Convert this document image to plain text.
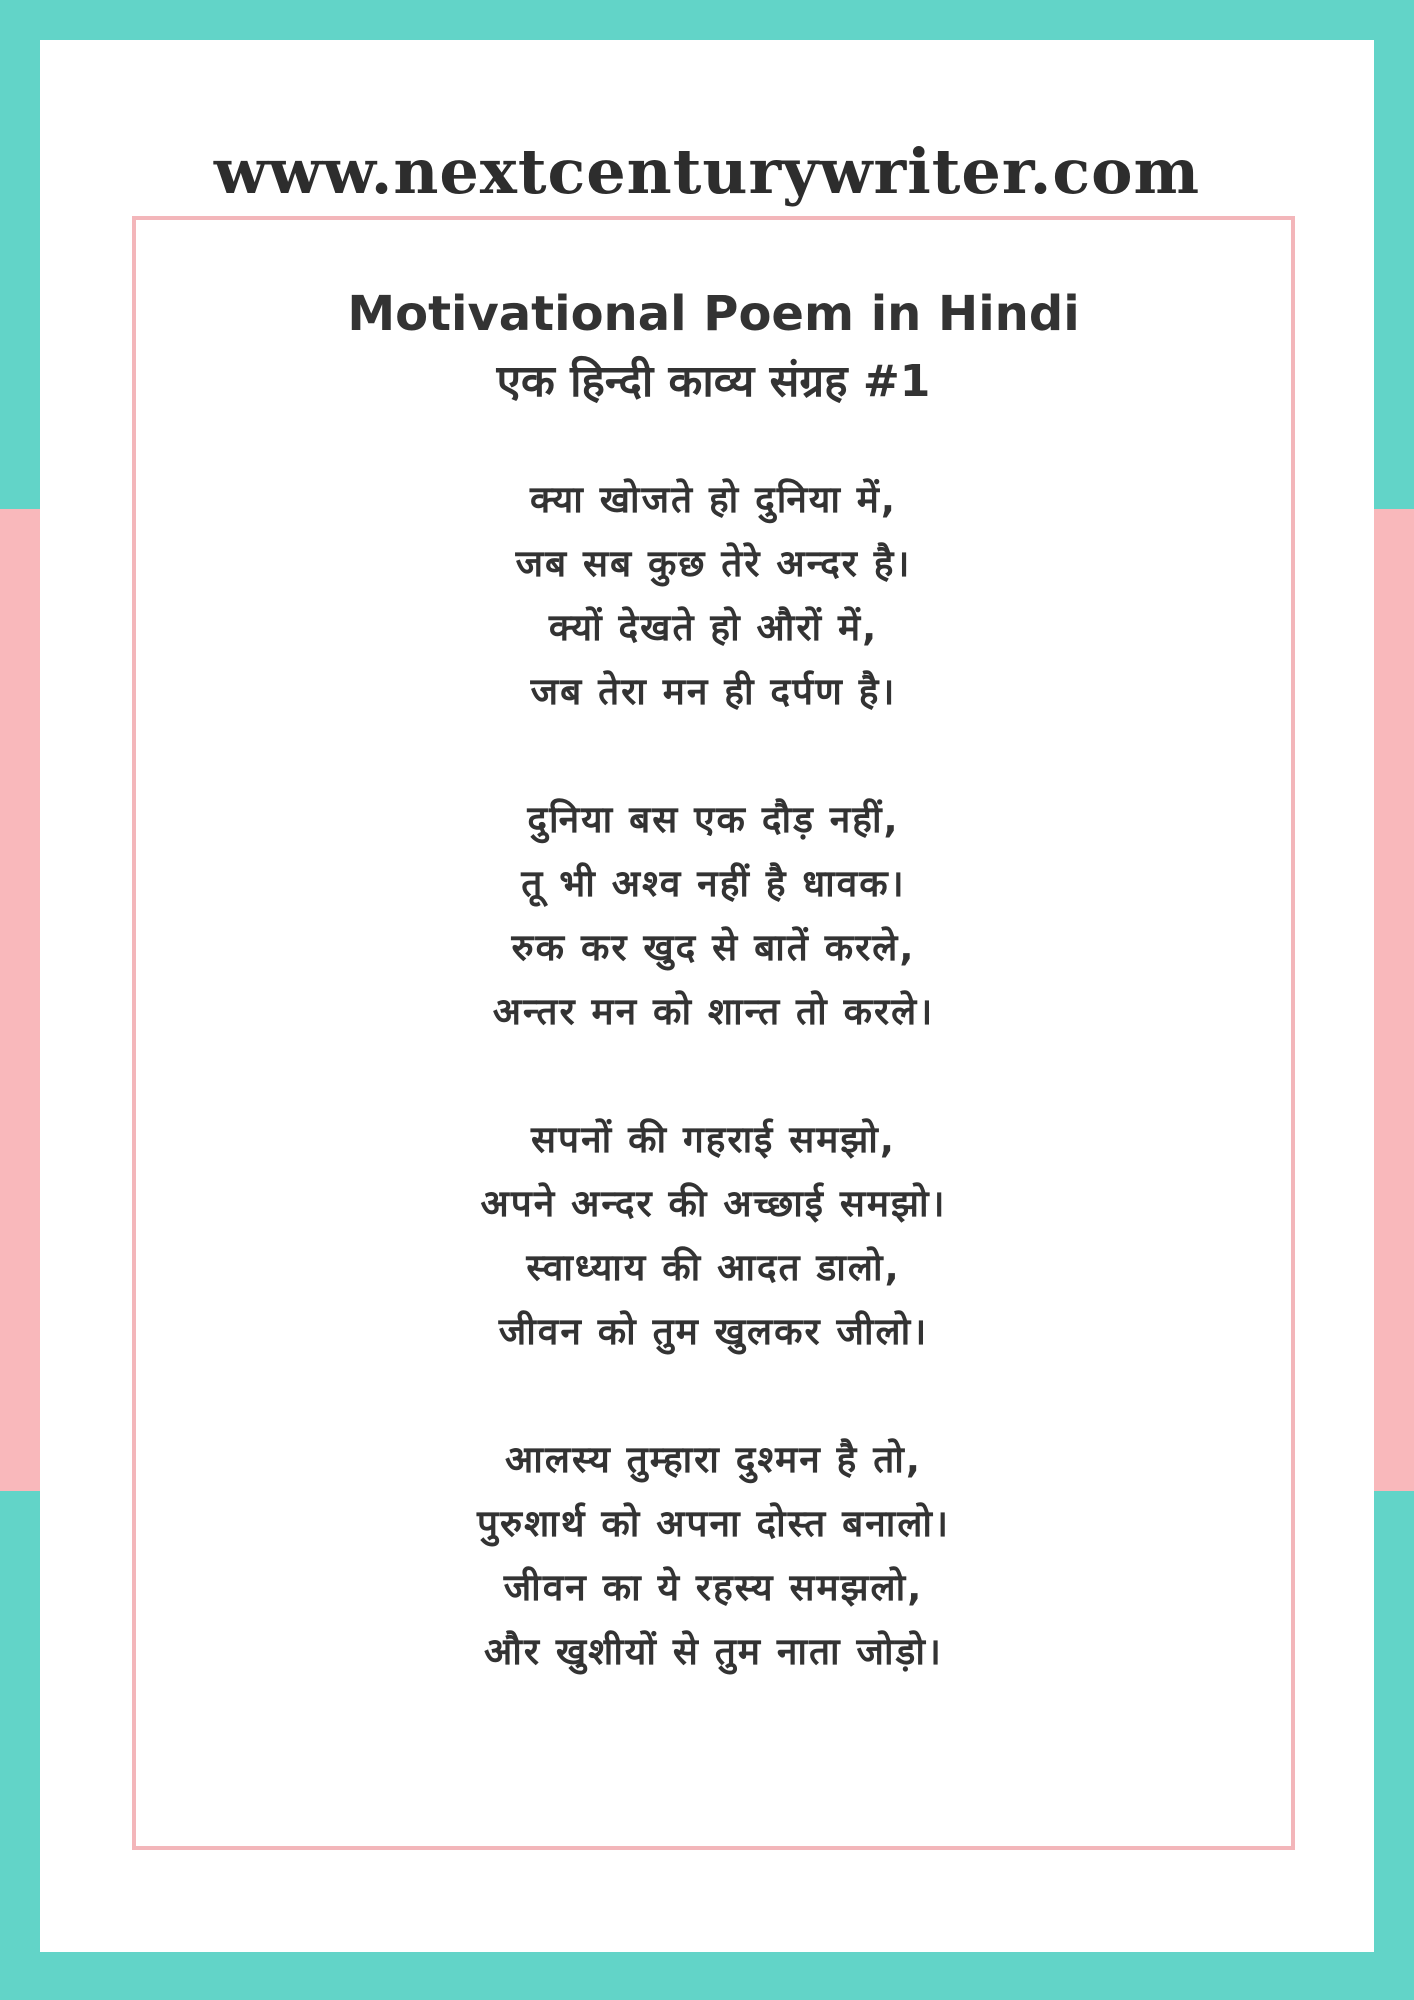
www.nextcenturywriter.com
Motivational Poem in Hindi
एक हिन्दी काव्य संग्रह #1
क्या खोजते हो दुनिया में,
जब सब कुछ तेरे अन्दर है।
क्यों देखते हो औरों में,
जब तेरा मन ही दर्पण है।
दुनिया बस एक दौड़ नहीं,
तू भी अश्व नहीं है धावक।
रुक कर खुद से बातें करले,
अन्तर मन को शान्त तो करले।
सपनों की गहराई समझो,
अपने अन्दर की अच्छाई समझो।
स्वाध्याय की आदत डालो,
जीवन को तुम खुलकर जीलो।
आलस्य तुम्हारा दुश्मन है तो,
पुरुशार्थ को अपना दोस्त बनालो।
जीवन का ये रहस्य समझलो,
और खुशीयों से तुम नाता जोड़ो।
